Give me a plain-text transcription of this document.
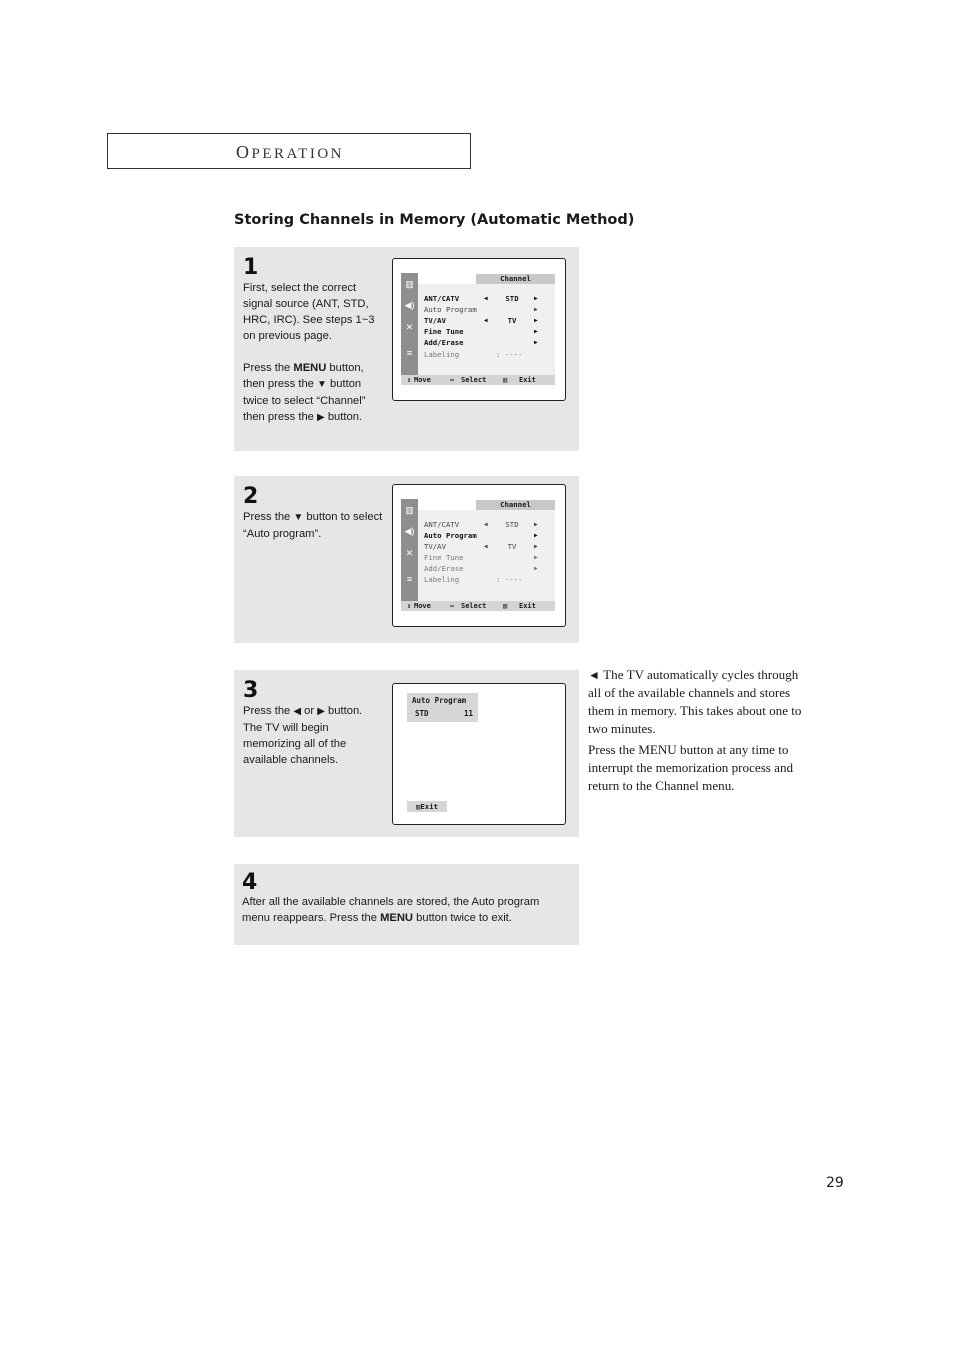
OPERATION
Storing Channels in Memory (Automatic Method)
1

First, select the correct signal source (ANT, STD, HRC, IRC). See steps 1~3 on previous page.

Press the MENU button, then press the ▼ button twice to select “Channel” then press the ▶ button.

▥
◀)
✕
≡
Channel
ANT/CATV	◀	STD	▶
Auto Program	▶
TV/AV	◀	TV	▶
Fine Tune	▶
Add/Erase	▶
Labeling	: ----
⇕ Move	⇔ Select ▥ Exit
2

Press the ▼ button to select “Auto program”.

▥
◀)
✕
≡
Channel
ANT/CATV	◀	STD	▶
Auto Program	▶
TV/AV	◀	TV	▶
Fine Tune	▶
Add/Erase	▶
Labeling	: ----
⇕ Move	⇔ Select ▥ Exit
3

Press the ◀ or ▶ button. The TV will begin memorizing all of the available channels.

Auto Program
STD	11
▥Exit
4

After all the available channels are stored, the Auto program menu reappears. Press the MENU button twice to exit.

◄ The TV automatically cycles through all of the available channels and stores them in memory. This takes about one to two minutes.

Press the MENU button at any time to interrupt the memorization process and return to the Channel menu.

29
